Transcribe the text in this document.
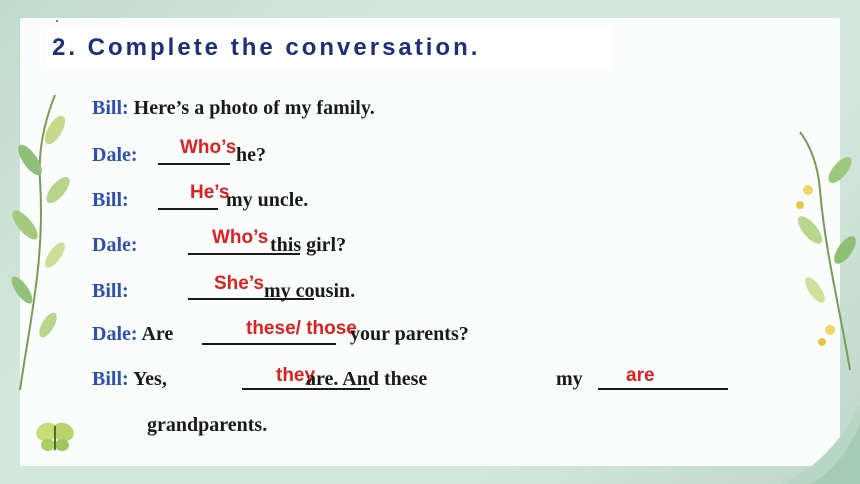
2. Complete the conversation.
Bill: Here’s a photo of my family.
Dale: Who’s he?
Bill:	He’s
my uncle.
Dale:	Who’s this girl?
Bill:	She’s my cousin.
Dale: Are	these/ those
your parents?
Bill: Yes,	they
are. And these	my are
grandparents.
